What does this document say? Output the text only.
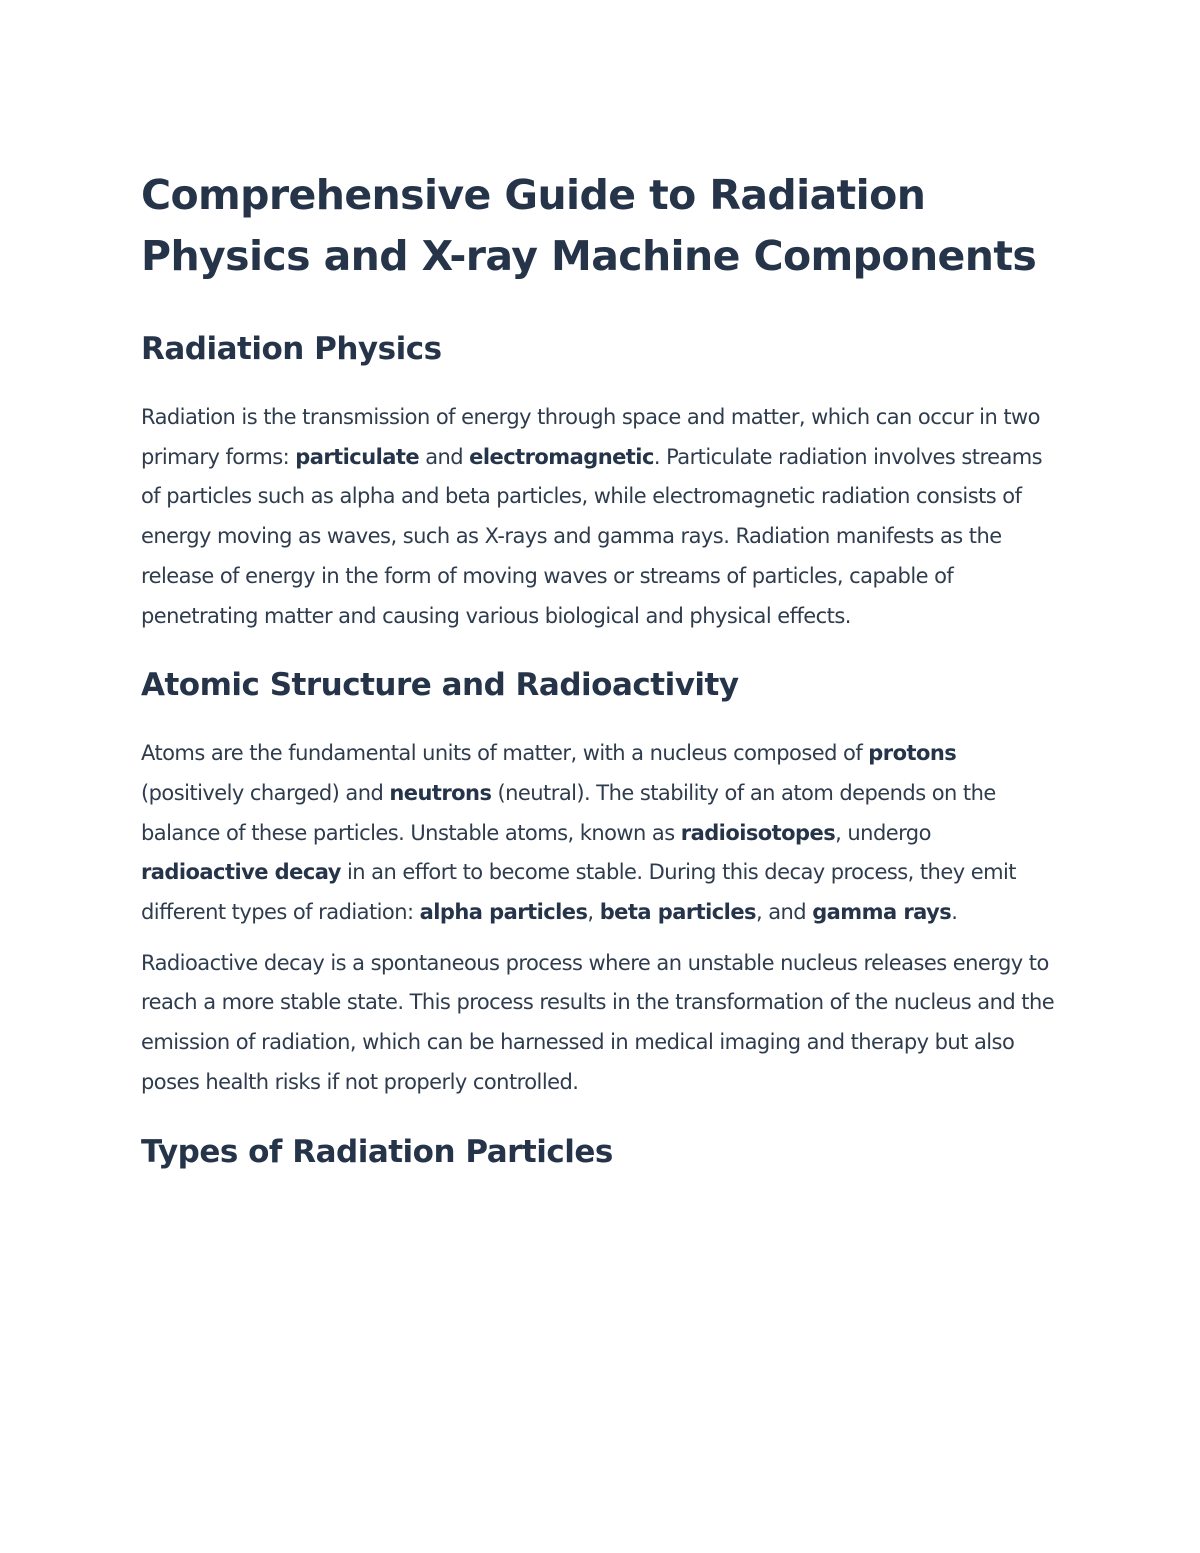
Comprehensive Guide to Radiation Physics and X-ray Machine Components
Radiation Physics

Radiation is the transmission of energy through space and matter, which can occur in two primary forms: particulate and electromagnetic. Particulate radiation involves streams of particles such as alpha and beta particles, while electromagnetic radiation consists of energy moving as waves, such as X-rays and gamma rays. Radiation manifests as the release of energy in the form of moving waves or streams of particles, capable of penetrating matter and causing various biological and physical effects.

Atomic Structure and Radioactivity

Atoms are the fundamental units of matter, with a nucleus composed of protons (positively charged) and neutrons (neutral). The stability of an atom depends on the balance of these particles. Unstable atoms, known as radioisotopes, undergo radioactive decay in an effort to become stable. During this decay process, they emit different types of radiation: alpha particles, beta particles, and gamma rays.

Radioactive decay is a spontaneous process where an unstable nucleus releases energy to reach a more stable state. This process results in the transformation of the nucleus and the emission of radiation, which can be harnessed in medical imaging and therapy but also poses health risks if not properly controlled.

Types of Radiation Particles
